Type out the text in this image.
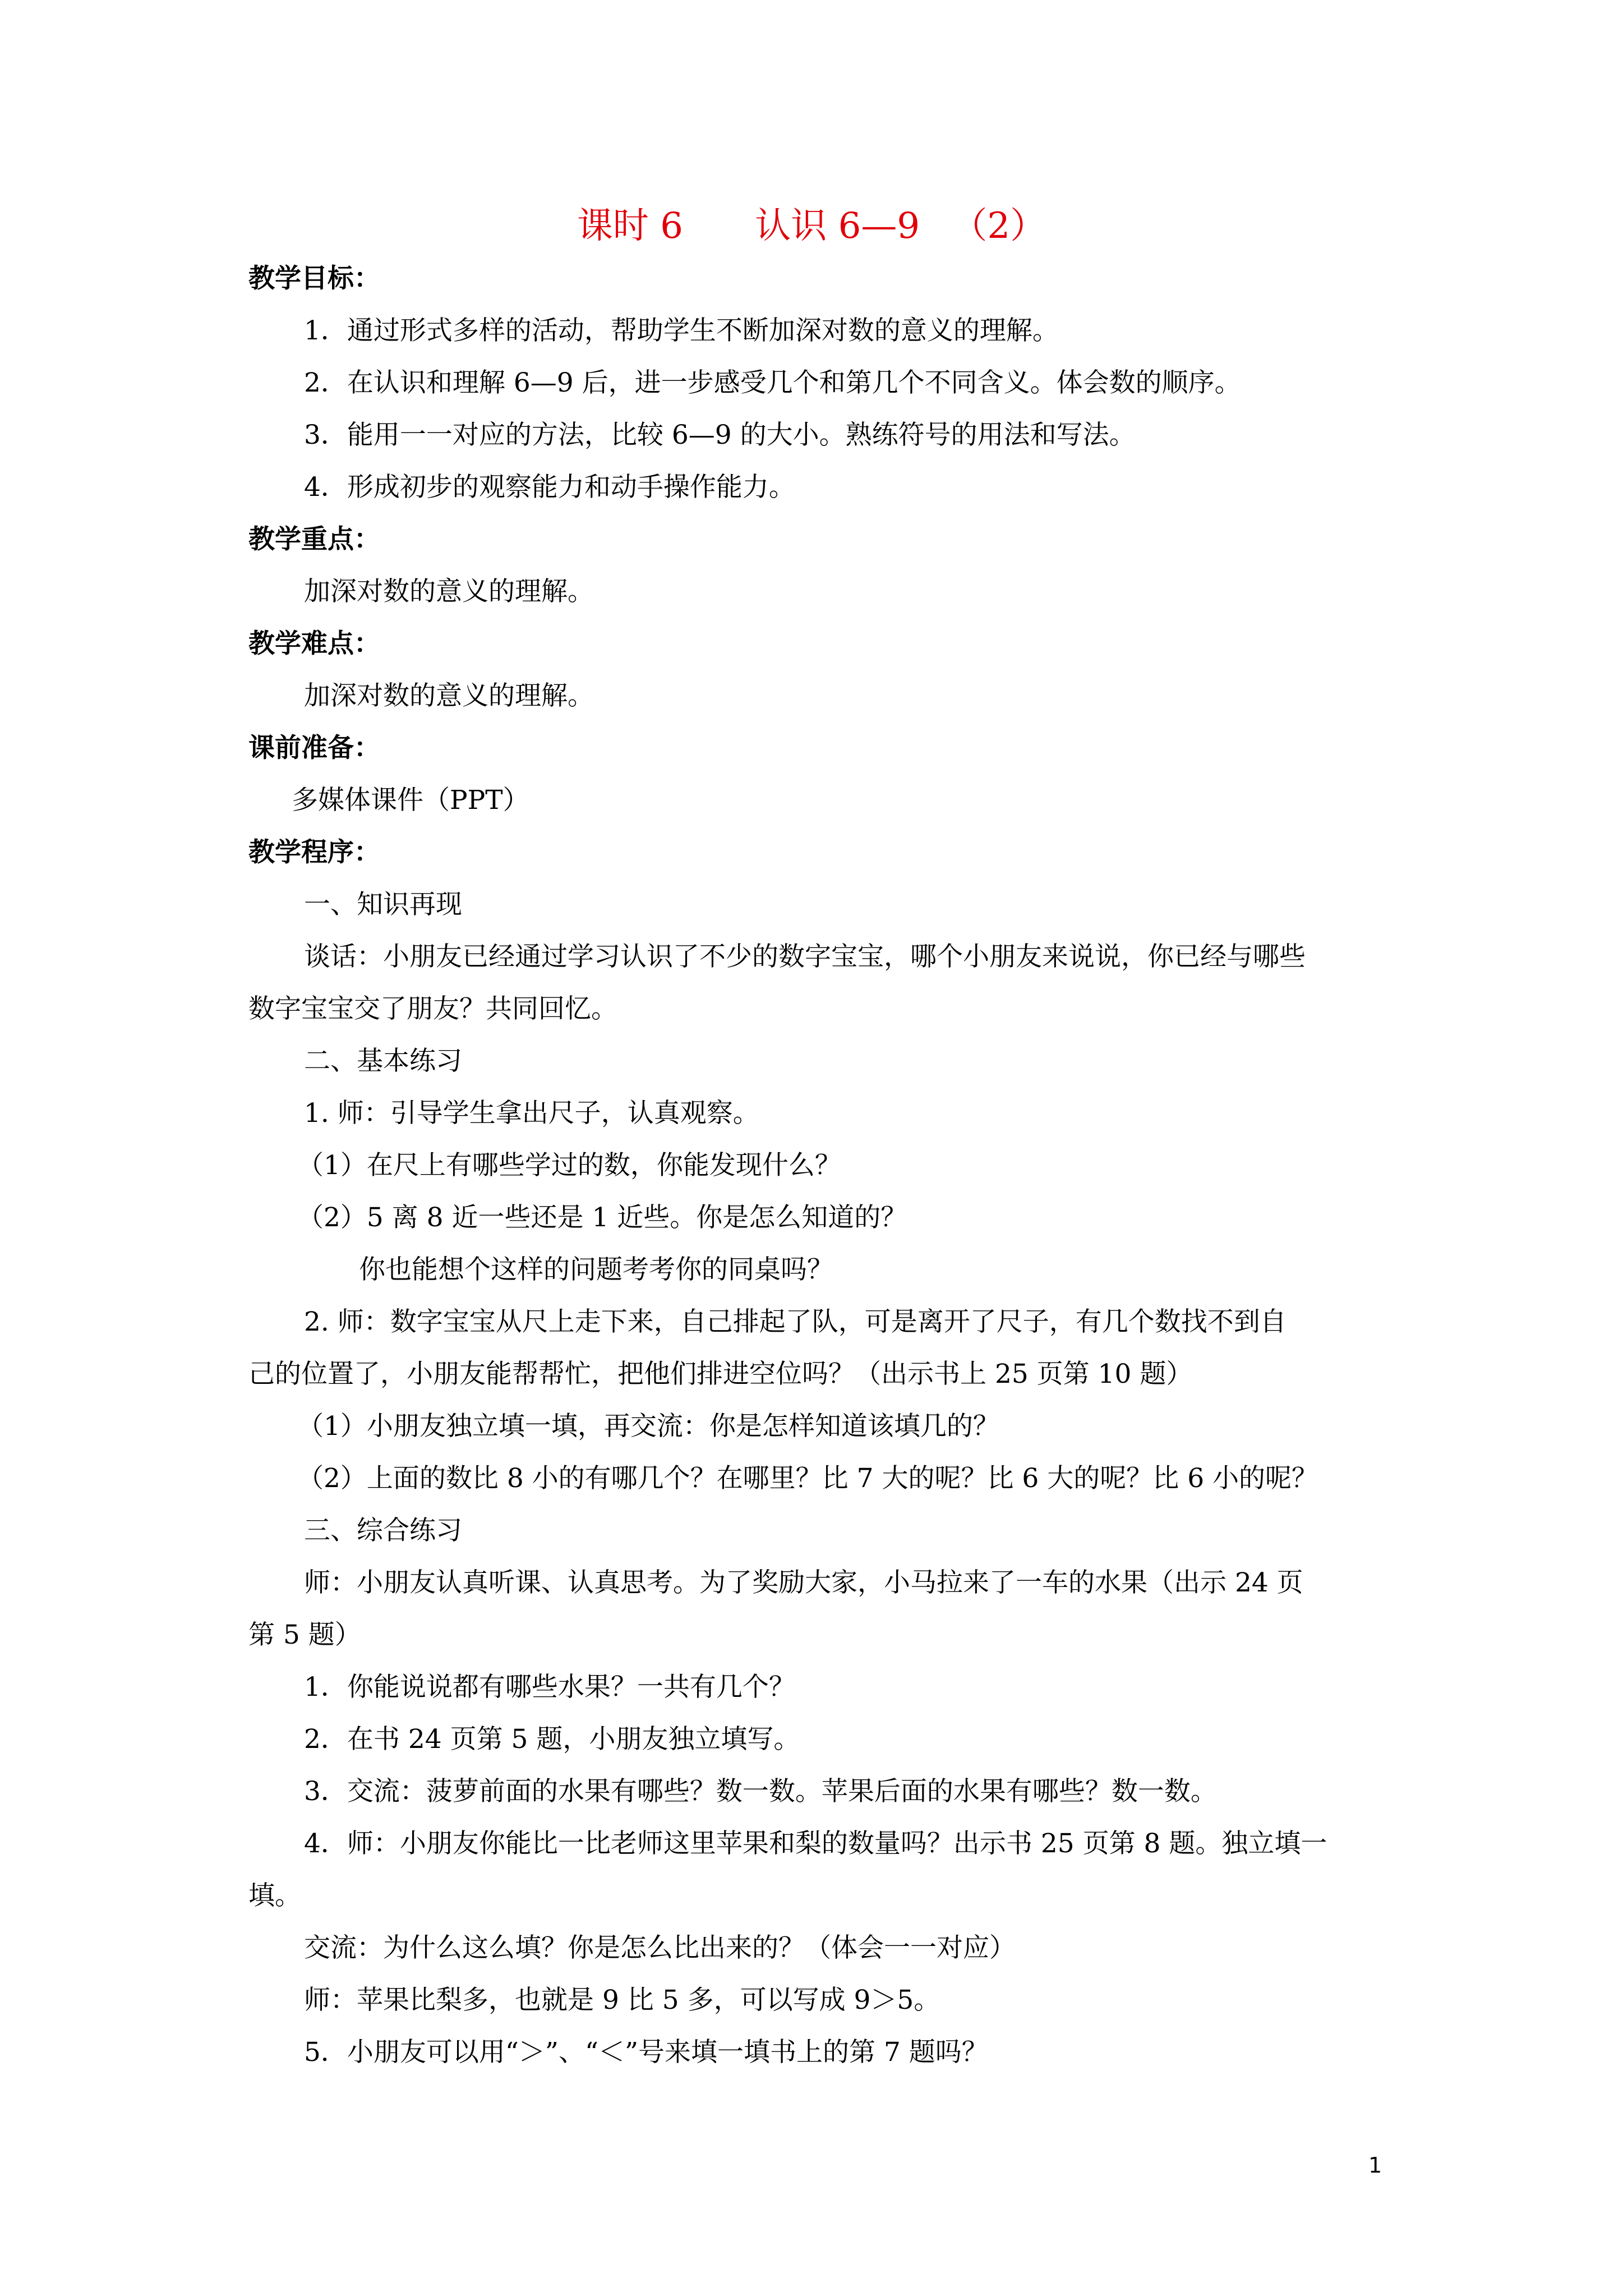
课时 6 认识 6—9 （2）
教学目标：
1．通过形式多样的活动，帮助学生不断加深对数的意义的理解。
2．在认识和理解 6—9 后，进一步感受几个和第几个不同含义。体会数的顺序。
3．能用一一对应的方法，比较 6—9 的大小。熟练符号的用法和写法。
4．形成初步的观察能力和动手操作能力。
教学重点：
加深对数的意义的理解。
教学难点：
加深对数的意义的理解。
课前准备：
多媒体课件（PPT）
教学程序：
一、知识再现
谈话：小朋友已经通过学习认识了不少的数字宝宝，哪个小朋友来说说，你已经与哪些
数字宝宝交了朋友？共同回忆。
二、基本练习
1. 师：引导学生拿出尺子，认真观察。
（1）在尺上有哪些学过的数，你能发现什么？
（2）5 离 8 近一些还是 1 近些。你是怎么知道的？
你也能想个这样的问题考考你的同桌吗？
2. 师：数字宝宝从尺上走下来，自己排起了队，可是离开了尺子，有几个数找不到自
己的位置了，小朋友能帮帮忙，把他们排进空位吗？（出示书上 25 页第 10 题）
（1）小朋友独立填一填，再交流：你是怎样知道该填几的？
（2）上面的数比 8 小的有哪几个？在哪里？比 7 大的呢？比 6 大的呢？比 6 小的呢？
三、综合练习
师：小朋友认真听课、认真思考。为了奖励大家，小马拉来了一车的水果（出示 24 页
第 5 题）
1．你能说说都有哪些水果？一共有几个？
2．在书 24 页第 5 题，小朋友独立填写。
3．交流：菠萝前面的水果有哪些？数一数。苹果后面的水果有哪些？数一数。
4．师：小朋友你能比一比老师这里苹果和梨的数量吗？出示书 25 页第 8 题。独立填一
填。
交流：为什么这么填？你是怎么比出来的？（体会一一对应）
师：苹果比梨多，也就是 9 比 5 多，可以写成 9＞5。
5．小朋友可以用“＞”、“＜”号来填一填书上的第 7 题吗？
1
